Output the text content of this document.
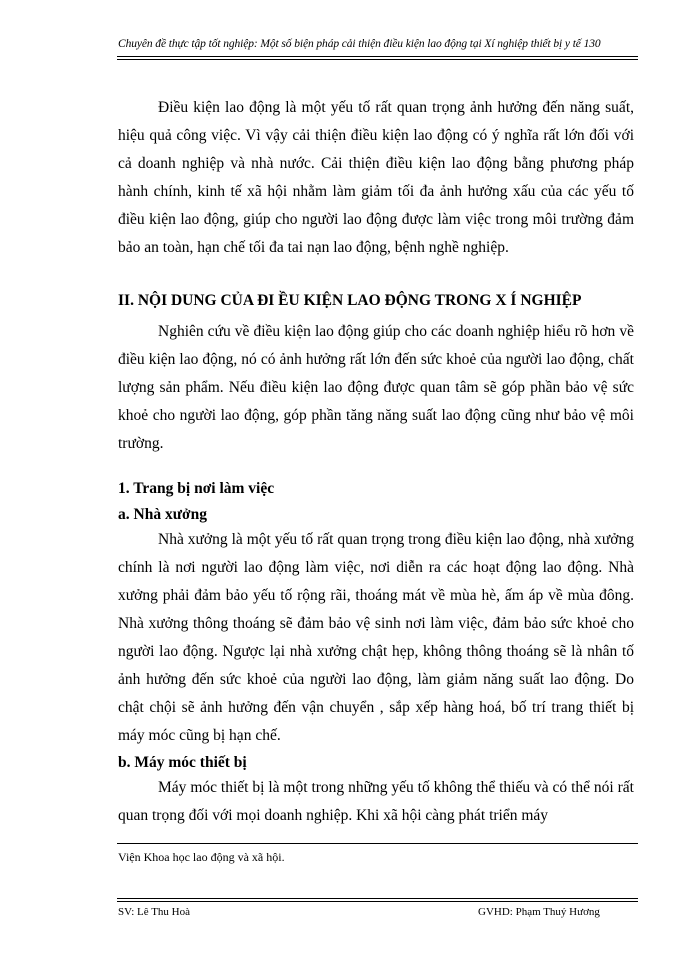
Chuyên đề thực tập tốt nghiệp: Một số biện pháp cải thiện điều kiện lao động tại Xí nghiệp thiết bị y tế 130

Điều kiện lao động là một yếu tố rất quan trọng ảnh hưởng đến năng suất, hiệu quả công việc. Vì vậy cải thiện điều kiện lao động có ý nghĩa rất lớn đối với cả doanh nghiệp và nhà nước. Cải thiện điều kiện lao động bằng phương pháp hành chính, kinh tế xã hội nhằm làm giảm tối đa ảnh hưởng xấu của các yếu tố điều kiện lao động, giúp cho người lao động được làm việc trong môi trường đảm bảo an toàn, hạn chế tối đa tai nạn lao động, bệnh nghề nghiệp.

II. NỘI DUNG CỦA ĐI ỀU KIỆN LAO ĐỘNG TRONG X Í NGHIỆP

Nghiên cứu về điều kiện lao động giúp cho các doanh nghiệp hiểu rõ hơn về điều kiện lao động, nó có ảnh hưởng rất lớn đến sức khoẻ của người lao động, chất lượng sản phẩm. Nếu điều kiện lao động được quan tâm sẽ góp phần bảo vệ sức khoẻ cho người lao động, góp phần tăng năng suất lao động cũng như bảo vệ môi trường.

1. Trang bị nơi làm việc
a. Nhà xưởng

Nhà xưởng là một yếu tố rất quan trọng trong điều kiện lao động, nhà xưởng chính là nơi người lao động làm việc, nơi diễn ra các hoạt động lao động. Nhà xưởng phải đảm bảo yếu tố rộng rãi, thoáng mát về mùa hè, ấm áp về mùa đông. Nhà xưởng thông thoáng sẽ đảm bảo vệ sinh nơi làm việc, đảm bảo sức khoẻ cho người lao động. Ngược lại nhà xưởng chật hẹp, không thông thoáng sẽ là nhân tố ảnh hưởng đến sức khoẻ của người lao động, làm giảm năng suất lao động. Do chật chội sẽ ảnh hưởng đến vận chuyển , sắp xếp hàng hoá, bố trí trang thiết bị máy móc cũng bị hạn chế.

b. Máy móc thiết bị

Máy móc thiết bị là một trong những yếu tố không thể thiếu và có thể nói rất quan trọng đối với mọi doanh nghiệp. Khi xã hội càng phát triển máy

Viện Khoa học lao động và xã hội.
SV: Lê Thu Hoà	GVHD: Phạm Thuý Hương
